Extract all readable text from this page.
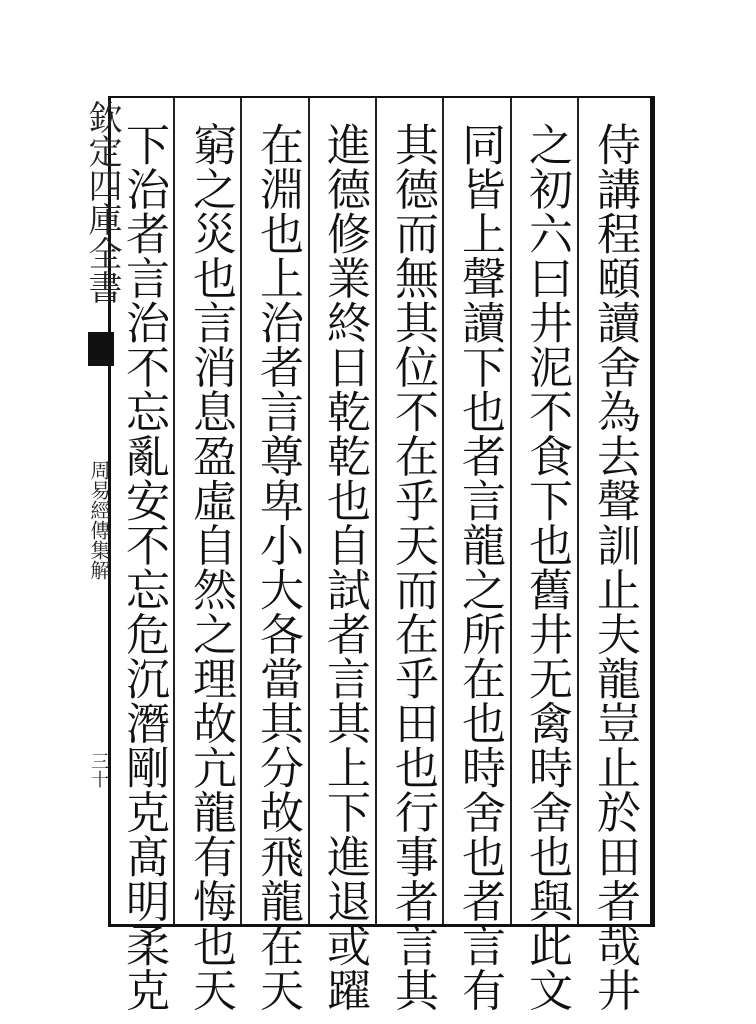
欽定四庫全書
周易經傳集解
三十	侍講程頤讀舍為去聲訓止夫龍豈止於田者哉井
之初六曰井泥不食下也舊井无禽時舍也與此文
同皆上聲讀下也者言龍之所在也時舍也者言有
其德而無其位不在乎天而在乎田也行事者言其
進德修業終日乾乾也自試者言其上下進退或躍
在淵也上治者言尊卑小大各當其分故飛龍在天
窮之災也言消息盈虛自然之理故亢龍有悔也天
下治者言治不忘亂安不忘危沉潛剛克髙明柔克
